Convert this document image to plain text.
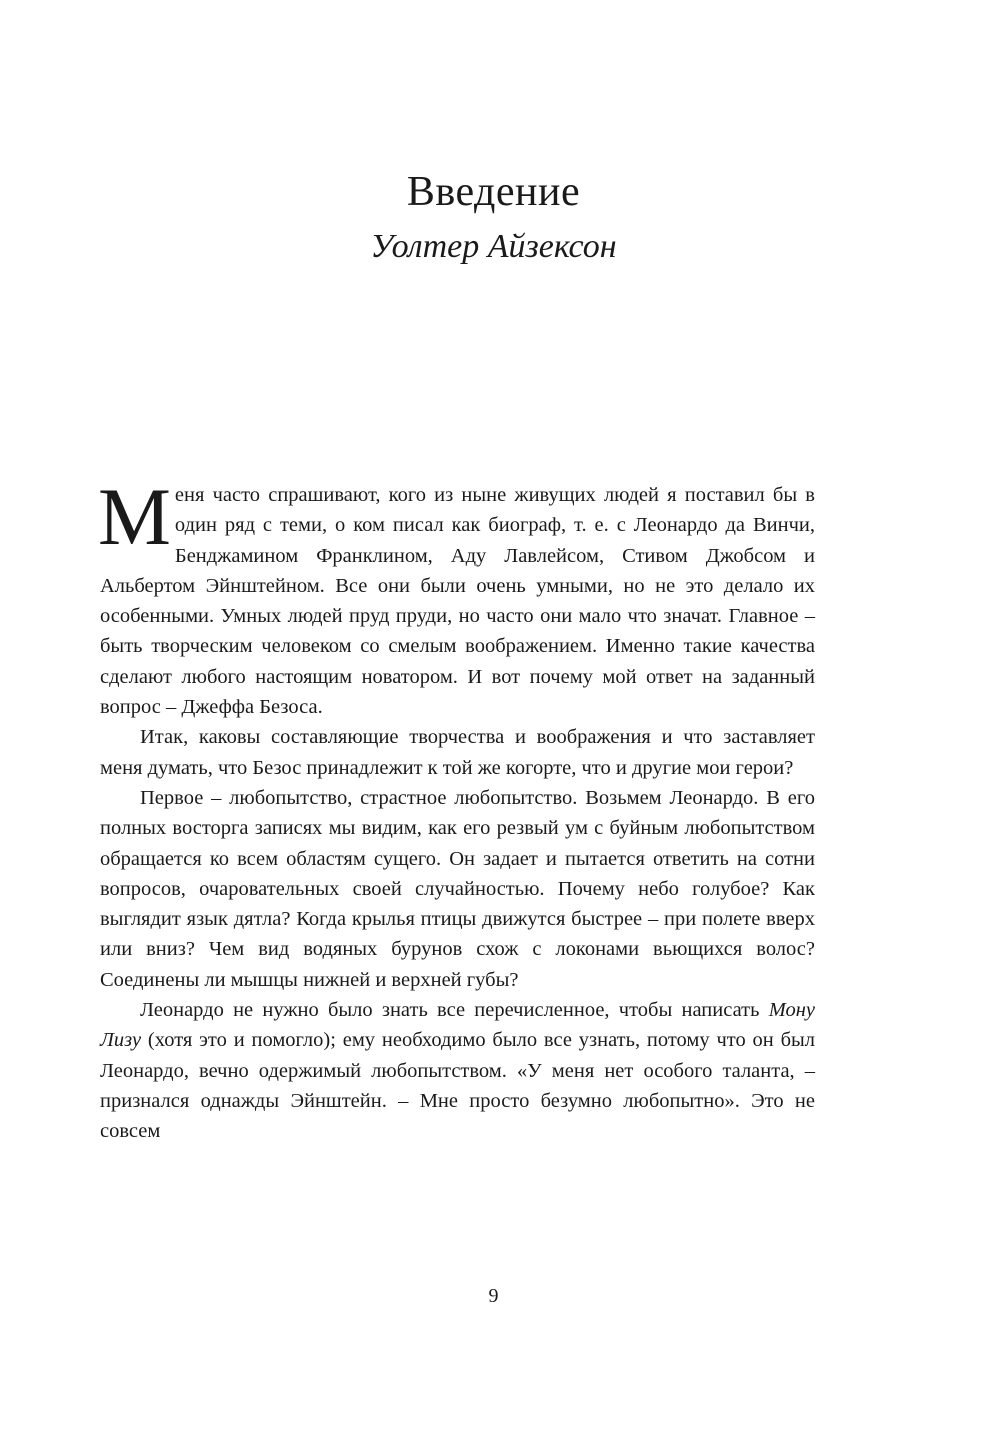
Введение
Уолтер Айзексон

Меня часто спрашивают, кого из ныне живущих людей я поставил бы в один ряд с теми, о ком писал как биограф, т. е. с Леонардо да Винчи, Бенджамином Франклином, Аду Лавлейсом, Стивом Джобсом и Альбертом Эйнштейном. Все они были очень умными, но не это делало их особенными. Умных людей пруд пруди, но часто они мало что значат. Главное – быть творческим человеком со смелым воображением. Именно такие качества сделают любого настоящим новатором. И вот почему мой ответ на заданный вопрос – Джеффа Безоса.

Итак, каковы составляющие творчества и воображения и что заставляет меня думать, что Безос принадлежит к той же когорте, что и другие мои герои?

Первое – любопытство, страстное любопытство. Возьмем Леонардо. В его полных восторга записях мы видим, как его резвый ум с буйным любопытством обращается ко всем областям сущего. Он задает и пытается ответить на сотни вопросов, очаровательных своей случайностью. Почему небо голубое? Как выглядит язык дятла? Когда крылья птицы движутся быстрее – при полете вверх или вниз? Чем вид водяных бурунов схож с локонами вьющихся волос? Соединены ли мышцы нижней и верхней губы?

Леонардо не нужно было знать все перечисленное, чтобы написать Мону Лизу (хотя это и помогло); ему необходимо было все узнать, потому что он был Леонардо, вечно одержимый любопытством. «У меня нет особого таланта, – признался однажды Эйнштейн. – Мне просто безумно любопытно». Это не совсем

9
